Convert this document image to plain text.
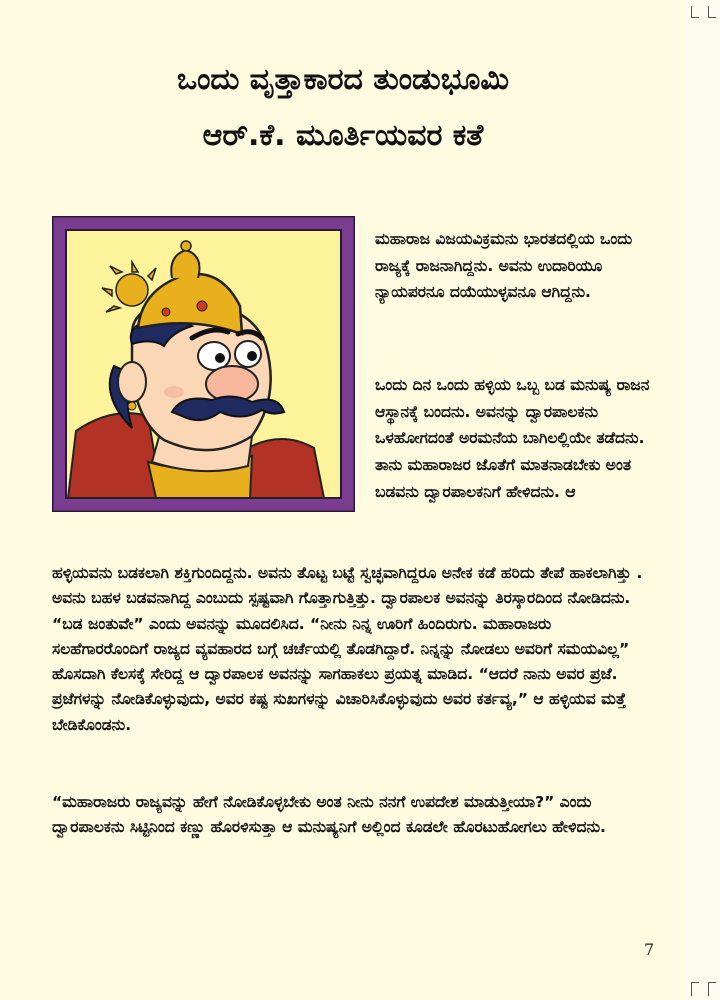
ಒಂದು ವೃತ್ತಾಕಾರದ ತುಂಡುಭೂಮಿ
ಆರ್.ಕೆ. ಮೂರ್ತಿಯವರ ಕತೆ
ಮಹಾರಾಜ ವಿಜಯವಿಕ್ರಮನು ಭಾರತದಲ್ಲಿಯ ಒಂದು ರಾಜ್ಯಕ್ಕೆ ರಾಜನಾಗಿದ್ದನು. ಅವನು ಉದಾರಿಯೂ ನ್ಯಾಯಪರನೂ ದಯೆಯುಳ್ಳವನೂ ಆಗಿದ್ದನು.
ಒಂದು ದಿನ ಒಂದು ಹಳ್ಳಿಯ ಒಬ್ಬ ಬಡ ಮನುಷ್ಯ ರಾಜನ ಆಸ್ಥಾನಕ್ಕೆ ಬಂದನು. ಅವನನ್ನು ದ್ವಾರಪಾಲಕನು ಒಳಹೋಗದಂತೆ ಅರಮನೆಯ ಬಾಗಿಲಲ್ಲಿಯೇ ತಡೆದನು. ತಾನು ಮಹಾರಾಜರ ಜೊತೆಗೆ ಮಾತನಾಡಬೇಕು ಅಂತ ಬಡವನು ದ್ವಾರಪಾಲಕನಿಗೆ ಹೇಳಿದನು. ಆ
ಹಳ್ಳಿಯವನು ಬಡಕಲಾಗಿ ಶಕ್ತಿಗುಂದಿದ್ದನು. ಅವನು ತೊಟ್ಟ ಬಟ್ಟೆ ಸ್ವಚ್ಛವಾಗಿದ್ದರೂ ಅನೇಕ ಕಡೆ ಹರಿದು ತೇಪೆ ಹಾಕಲಾಗಿತ್ತು . ಅವನು ಬಹಳ ಬಡವನಾಗಿದ್ದ ಎಂಬುದು ಸ್ಪಷ್ಟವಾಗಿ ಗೊತ್ತಾಗುತ್ತಿತ್ತು. ದ್ವಾರಪಾಲಕ ಅವನನ್ನು ತಿರಸ್ಕಾರದಿಂದ ನೋಡಿದನು. “ಬಡ ಜಂತುವೇ” ಎಂದು ಅವನನ್ನು ಮೂದಲಿಸಿದ. “ನೀನು ನಿನ್ನ ಊರಿಗೆ ಹಿಂದಿರುಗು. ಮಹಾರಾಜರು ಸಲಹೆಗಾರರೊಂದಿಗೆ ರಾಜ್ಯದ ವ್ಯವಹಾರದ ಬಗ್ಗೆ ಚರ್ಚೆಯಲ್ಲಿ ತೊಡಗಿದ್ದಾರೆ. ನಿನ್ನನ್ನು ನೋಡಲು ಅವರಿಗೆ ಸಮಯವಿಲ್ಲ” ಹೊಸದಾಗಿ ಕೆಲಸಕ್ಕೆ ಸೇರಿದ್ದ ಆ ದ್ವಾರಪಾಲಕ ಅವನನ್ನು ಸಾಗಹಾಕಲು ಪ್ರಯತ್ನ ಮಾಡಿದ. “ಆದರೆ ನಾನು ಅವರ ಪ್ರಜೆ. ಪ್ರಜೆಗಳನ್ನು ನೋಡಿಕೊಳ್ಳುವುದು, ಅವರ ಕಷ್ಟ ಸುಖಗಳನ್ನು ವಿಚಾರಿಸಿಕೊಳ್ಳುವುದು ಅವರ ಕರ್ತವ್ಯ,” ಆ ಹಳ್ಳಿಯವ ಮತ್ತೆ ಬೇಡಿಕೊಂಡನು.
“ಮಹಾರಾಜರು ರಾಜ್ಯವನ್ನು ಹೇಗೆ ನೋಡಿಕೊಳ್ಳಬೇಕು ಅಂತ ನೀನು ನನಗೆ ಉಪದೇಶ ಮಾಡುತ್ತೀಯಾ?” ಎಂದು ದ್ವಾರಪಾಲಕನು ಸಿಟ್ಟಿನಿಂದ ಕಣ್ಣು ಹೊರಳಿಸುತ್ತಾ ಆ ಮನುಷ್ಯನಿಗೆ ಅಲ್ಲಿಂದ ಕೂಡಲೇ ಹೊರಟುಹೋಗಲು ಹೇಳಿದನು.
7
